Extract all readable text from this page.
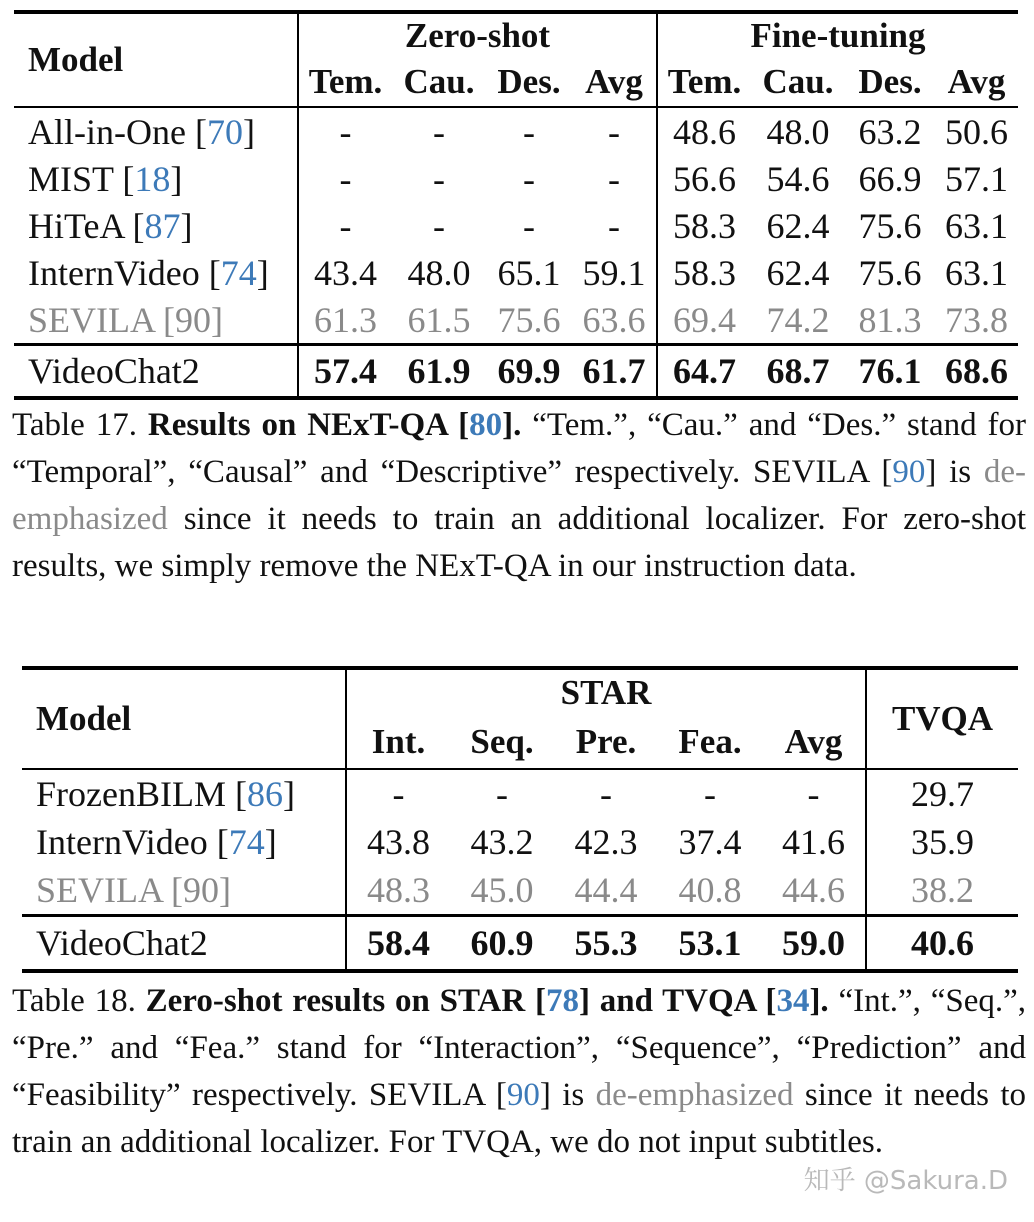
Model	Zero-shot				Fine-tuning			
	Tem.	Cau.	Des.	Avg	Tem.	Cau.	Des.	Avg
All-in-One [70]	-	-	-	-	48.6	48.0	63.2	50.6
MIST [18]	-	-	-	-	56.6	54.6	66.9	57.1
HiTeA [87]	-	-	-	-	58.3	62.4	75.6	63.1
InternVideo [74]	43.4	48.0	65.1	59.1	58.3	62.4	75.6	63.1
SEVILA [90]	61.3	61.5	75.6	63.6	69.4	74.2	81.3	73.8
VideoChat2	57.4	61.9	69.9	61.7	64.7	68.7	76.1	68.6
Table 17. Results on NExT-QA [80]. “Tem.”, “Cau.” and “Des.” stand for “Temporal”, “Causal” and “Descriptive” respectively. SEVILA [90] is de-emphasized since it needs to train an additional localizer. For zero-shot results, we simply remove the NExT-QA in our instruction data.
Model	STAR					TVQA
	Int.	Seq.	Pre.	Fea.	Avg	
FrozenBILM [86]	-	-	-	-	-	29.7
InternVideo [74]	43.8	43.2	42.3	37.4	41.6	35.9
SEVILA [90]	48.3	45.0	44.4	40.8	44.6	38.2
VideoChat2	58.4	60.9	55.3	53.1	59.0	40.6
Table 18. Zero-shot results on STAR [78] and TVQA [34]. “Int.”, “Seq.”, “Pre.” and “Fea.” stand for “Interaction”, “Sequence”, “Prediction” and “Feasibility” respectively. SEVILA [90] is de-emphasized since it needs to train an additional localizer. For TVQA, we do not input subtitles.
知乎 @Sakura.D
